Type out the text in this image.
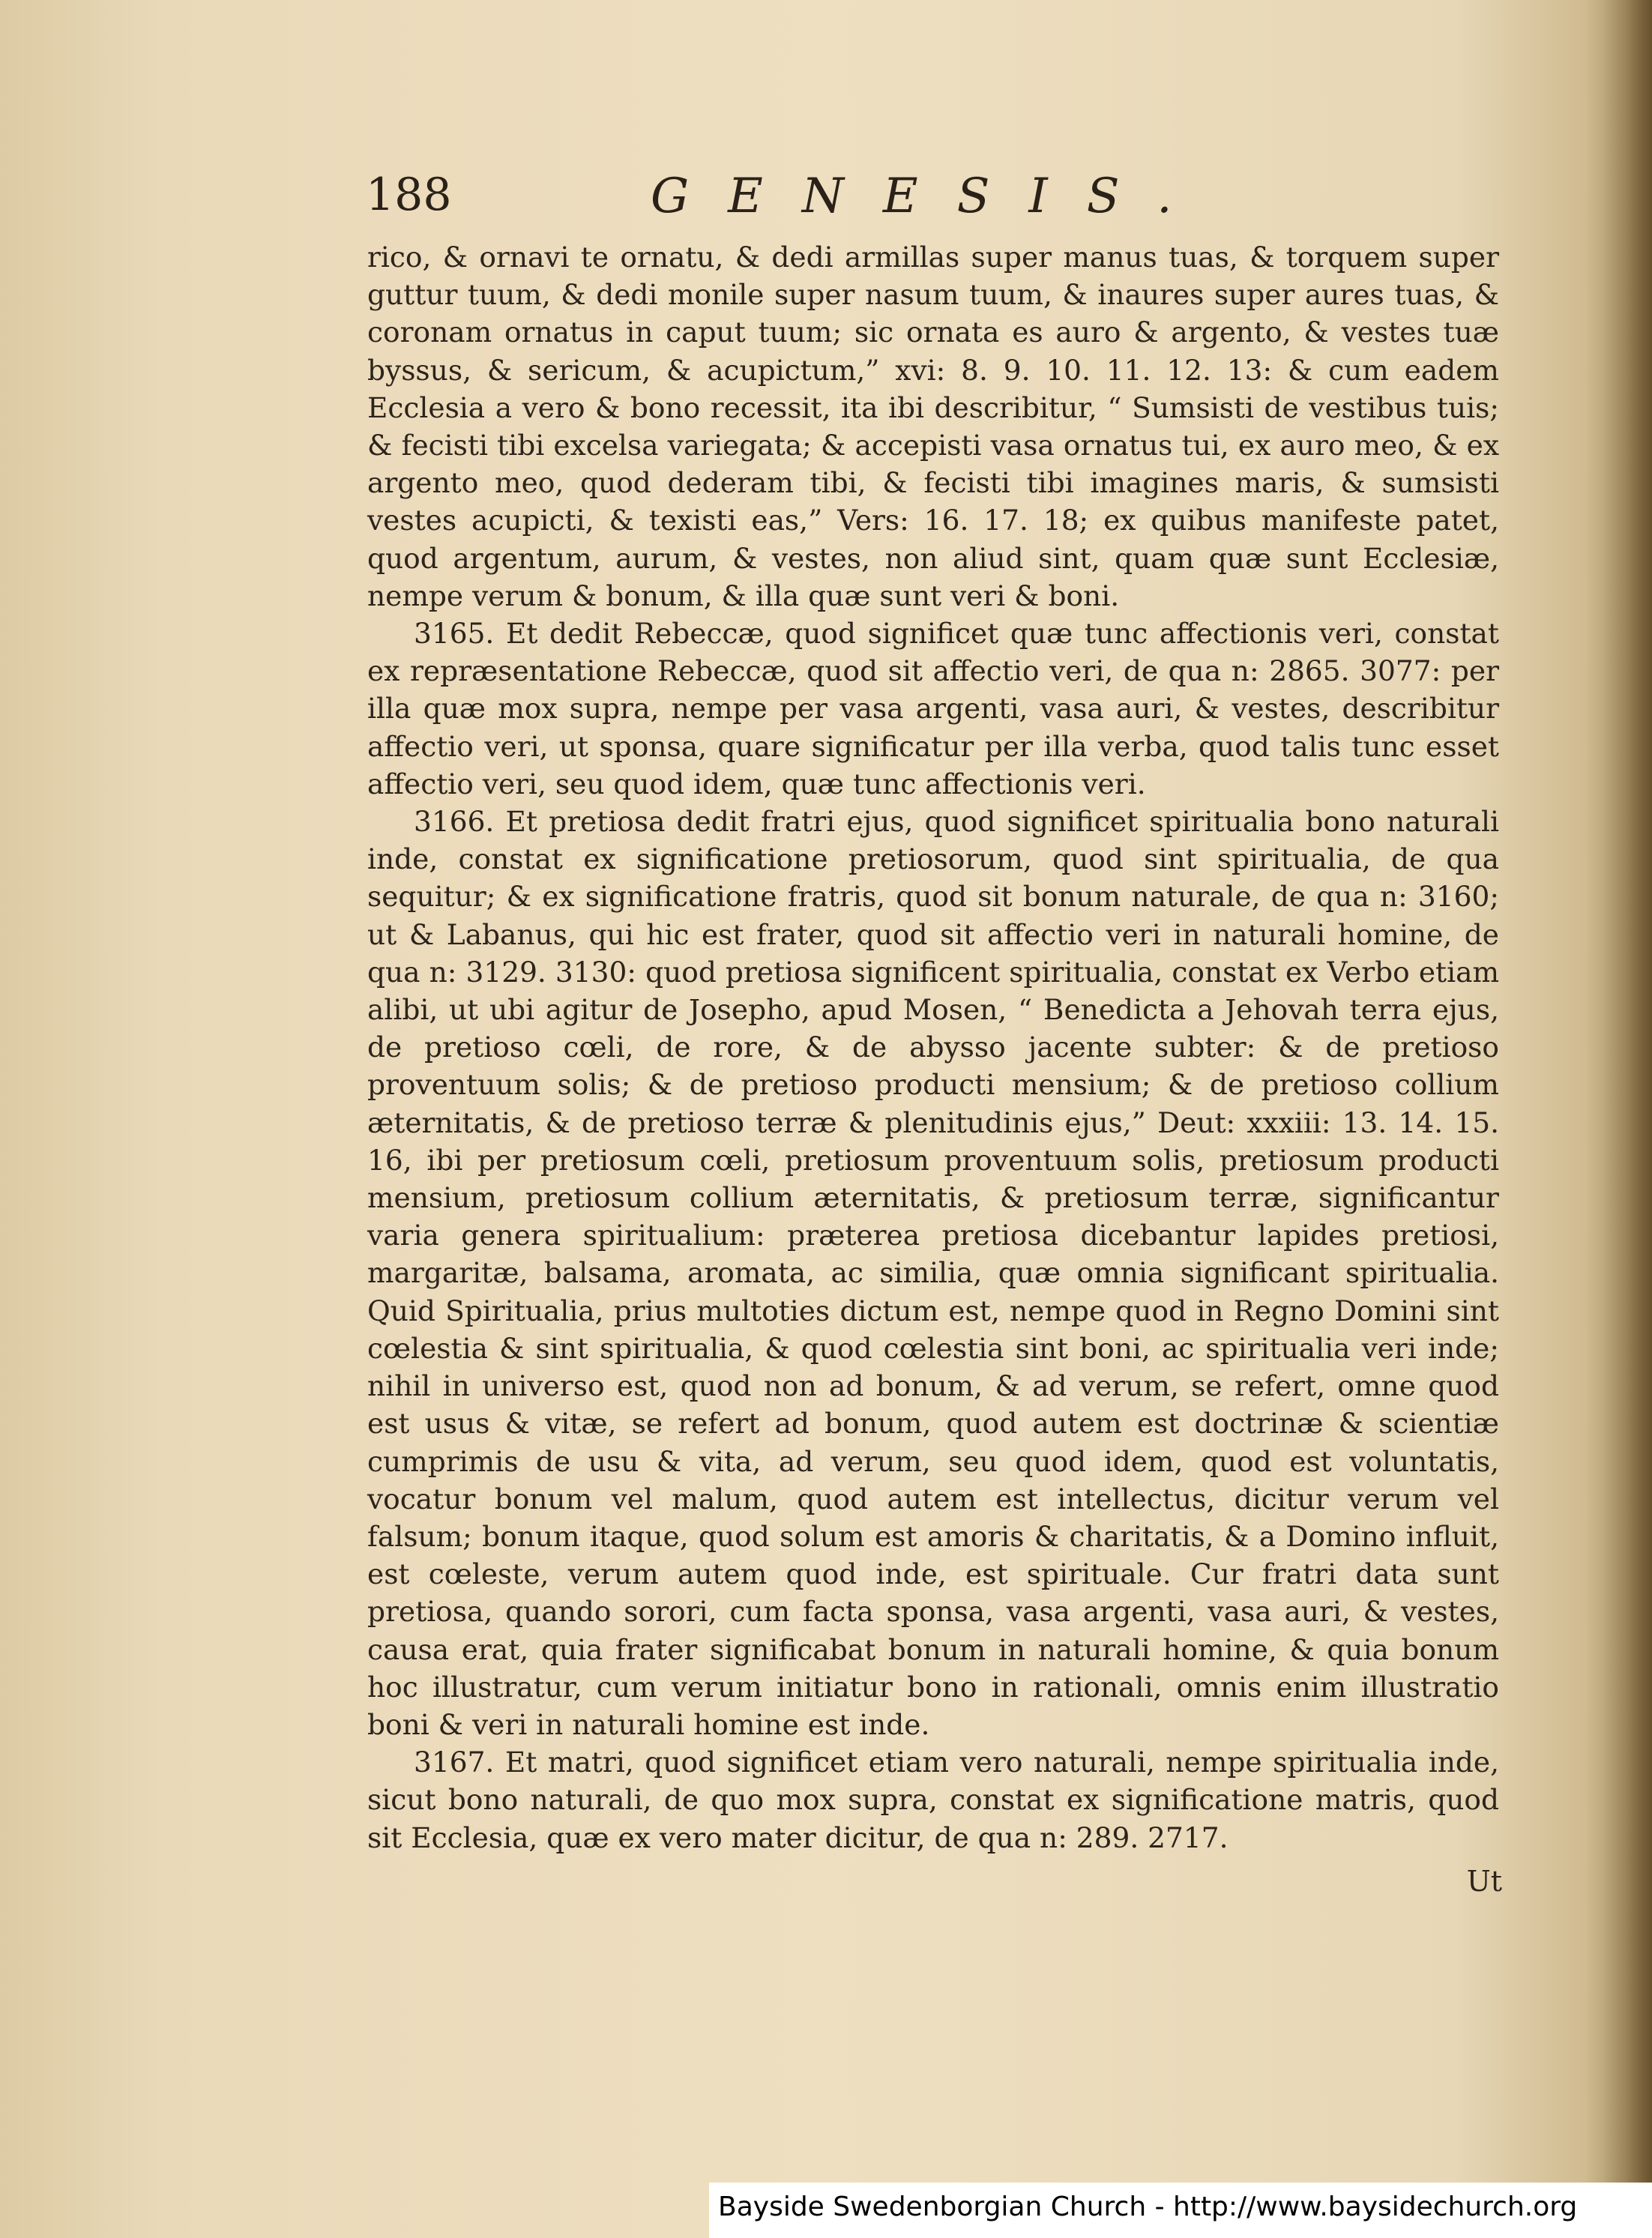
188	GENESIS.

rico, & ornavi te ornatu, & dedi armillas super manus tuas, & torquem super guttur tuum, & dedi monile super nasum tuum, & inaures super aures tuas, & coronam ornatus in caput tuum; sic ornata es auro & argento, & vestes tuæ byssus, & sericum, & acupictum,” xvi: 8. 9. 10. 11. 12. 13: & cum eadem Ecclesia a vero & bono recessit, ita ibi describitur, “ Sumsisti de vestibus tuis; & fecisti tibi excelsa variegata; & accepisti vasa ornatus tui, ex auro meo, & ex argento meo, quod dederam tibi, & fecisti tibi imagines maris, & sumsisti vestes acupicti, & texisti eas,” Vers: 16. 17. 18; ex quibus manifeste patet, quod argentum, aurum, & vestes, non aliud sint, quam quæ sunt Ecclesiæ, nempe verum & bonum, & illa quæ sunt veri & boni.

3165. Et dedit Rebeccæ, quod significet quæ tunc affectionis veri, constat ex repræsentatione Rebeccæ, quod sit affectio veri, de qua n: 2865. 3077: per illa quæ mox supra, nempe per vasa argenti, vasa auri, & vestes, describitur affectio veri, ut sponsa, quare significatur per illa verba, quod talis tunc esset affectio veri, seu quod idem, quæ tunc affectionis veri.

3166. Et pretiosa dedit fratri ejus, quod significet spiritualia bono naturali inde, constat ex significatione pretiosorum, quod sint spiritualia, de qua sequitur; & ex significatione fratris, quod sit bonum naturale, de qua n: 3160; ut & Labanus, qui hic est frater, quod sit affectio veri in naturali homine, de qua n: 3129. 3130: quod pretiosa significent spiritualia, constat ex Verbo etiam alibi, ut ubi agitur de Josepho, apud Mosen, “ Benedicta a Jehovah terra ejus, de pretioso cœli, de rore, & de abysso jacente subter: & de pretioso proventuum solis; & de pretioso producti mensium; & de pretioso collium æternitatis, & de pretioso terræ & plenitudinis ejus,” Deut: xxxiii: 13. 14. 15. 16, ibi per pretiosum cœli, pretiosum proventuum solis, pretiosum producti mensium, pretiosum collium æternitatis, & pretiosum terræ, significantur varia genera spiritualium: præterea pretiosa dicebantur lapides pretiosi, margaritæ, balsama, aromata, ac similia, quæ omnia significant spiritualia. Quid Spiritualia, prius multoties dictum est, nempe quod in Regno Domini sint cœlestia & sint spiritualia, & quod cœlestia sint boni, ac spiritualia veri inde; nihil in universo est, quod non ad bonum, & ad verum, se refert, omne quod est usus & vitæ, se refert ad bonum, quod autem est doctrinæ & scientiæ cumprimis de usu & vita, ad verum, seu quod idem, quod est voluntatis, vocatur bonum vel malum, quod autem est intellectus, dicitur verum vel falsum; bonum itaque, quod solum est amoris & charitatis, & a Domino influit, est cœleste, verum autem quod inde, est spirituale. Cur fratri data sunt pretiosa, quando sorori, cum facta sponsa, vasa argenti, vasa auri, & vestes, causa erat, quia frater significabat bonum in naturali homine, & quia bonum hoc illustratur, cum verum initiatur bono in rationali, omnis enim illustratio boni & veri in naturali homine est inde.

3167. Et matri, quod significet etiam vero naturali, nempe spiritualia inde, sicut bono naturali, de quo mox supra, constat ex significatione matris, quod sit Ecclesia, quæ ex vero mater dicitur, de qua n: 289. 2717.

Ut
Bayside Swedenborgian Church - http://www.baysidechurch.org
